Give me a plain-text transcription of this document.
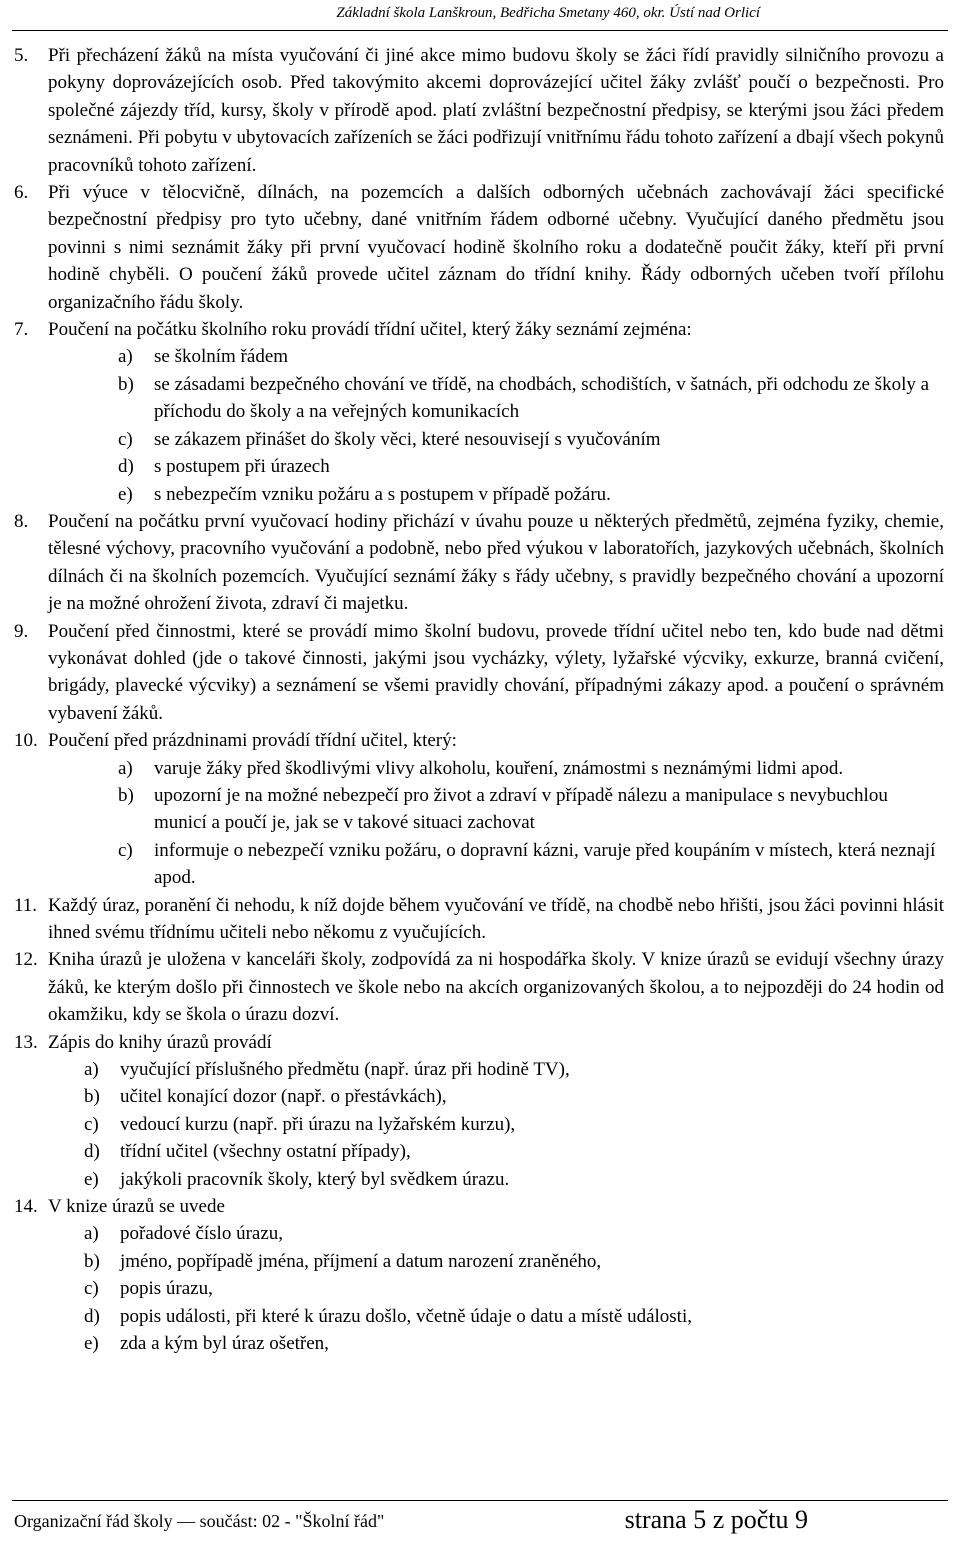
Základní škola Lanškroun, Bedřicha Smetany 460, okr. Ústí nad Orlicí
5.	Při přecházení žáků na místa vyučování či jiné akce mimo budovu školy se žáci řídí pravidly silničního provozu a pokyny doprovázejících osob. Před takovýmito akcemi doprovázející učitel žáky zvlášť poučí o bezpečnosti. Pro společné zájezdy tříd, kursy, školy v přírodě apod. platí zvláštní bezpečnostní předpisy, se kterými jsou žáci předem seznámeni. Při pobytu v ubytovacích zařízeních se žáci podřizují vnitřnímu řádu tohoto zařízení a dbají všech pokynů pracovníků tohoto zařízení.
6.	Při výuce v tělocvičně, dílnách, na pozemcích a dalších odborných učebnách zachovávají žáci specifické bezpečnostní předpisy pro tyto učebny, dané vnitřním řádem odborné učebny. Vyučující daného předmětu jsou povinni s nimi seznámit žáky při první vyučovací hodině školního roku a dodatečně poučit žáky, kteří při první hodině chyběli. O poučení žáků provede učitel záznam do třídní knihy. Řády odborných učeben tvoří přílohu organizačního řádu školy.
7.	Poučení na počátku školního roku provádí třídní učitel, který žáky seznámí zejména:
a)	se školním řádem
b)	se zásadami bezpečného chování ve třídě, na chodbách, schodištích, v šatnách, při odchodu ze školy a příchodu do školy a na veřejných komunikacích
c)	se zákazem přinášet do školy věci, které nesouvisejí s vyučováním
d)	s postupem při úrazech
e)	s nebezpečím vzniku požáru a s postupem v případě požáru.
8.	Poučení na počátku první vyučovací hodiny přichází v úvahu pouze u některých předmětů, zejména fyziky, chemie, tělesné výchovy, pracovního vyučování a podobně, nebo před výukou v laboratořích, jazykových učebnách, školních dílnách či na školních pozemcích. Vyučující seznámí žáky s řády učebny, s pravidly bezpečného chování a upozorní je na možné ohrožení života, zdraví či majetku.
9.	Poučení před činnostmi, které se provádí mimo školní budovu, provede třídní učitel nebo ten, kdo bude nad dětmi vykonávat dohled (jde o takové činnosti, jakými jsou vycházky, výlety, lyžařské výcviky, exkurze, branná cvičení, brigády, plavecké výcviky) a seznámení se všemi pravidly chování, případnými zákazy apod. a poučení o správném vybavení žáků.
10. Poučení před prázdninami provádí třídní učitel, který:
a)	varuje žáky před škodlivými vlivy alkoholu, kouření, známostmi s neznámými lidmi apod.
b)	upozorní je na možné nebezpečí pro život a zdraví v případě nálezu a manipulace s nevybuchlou municí a poučí je, jak se v takové situaci zachovat
c)	informuje o nebezpečí vzniku požáru, o dopravní kázni, varuje před koupáním v místech, která neznají apod.
11. Každý úraz, poranění či nehodu, k níž dojde během vyučování ve třídě, na chodbě nebo hřišti, jsou žáci povinni hlásit ihned svému třídnímu učiteli nebo někomu z vyučujících.
12. Kniha úrazů je uložena v kanceláři školy, zodpovídá za ni hospodářka školy. V knize úrazů se evidují všechny úrazy žáků, ke kterým došlo při činnostech ve škole nebo na akcích organizovaných školou, a to nejpozději do 24 hodin od okamžiku, kdy se škola o úrazu dozví.
13. Zápis do knihy úrazů provádí
a)	vyučující příslušného předmětu (např. úraz při hodině TV),
b)	učitel konající dozor (např. o přestávkách),
c)	vedoucí kurzu (např. při úrazu na lyžařském kurzu),
d)	třídní učitel (všechny ostatní případy),
e)	jakýkoli pracovník školy, který byl svědkem úrazu.
14. V knize úrazů se uvede
a)	pořadové číslo úrazu,
b)	jméno, popřípadě jména, příjmení a datum narození zraněného,
c)	popis úrazu,
d)	popis události, při které k úrazu došlo, včetně údaje o datu a místě události,
e)	zda a kým byl úraz ošetřen,
Organizační řád školy — součást: 02 - "Školní řád"	strana 5 z počtu 9
